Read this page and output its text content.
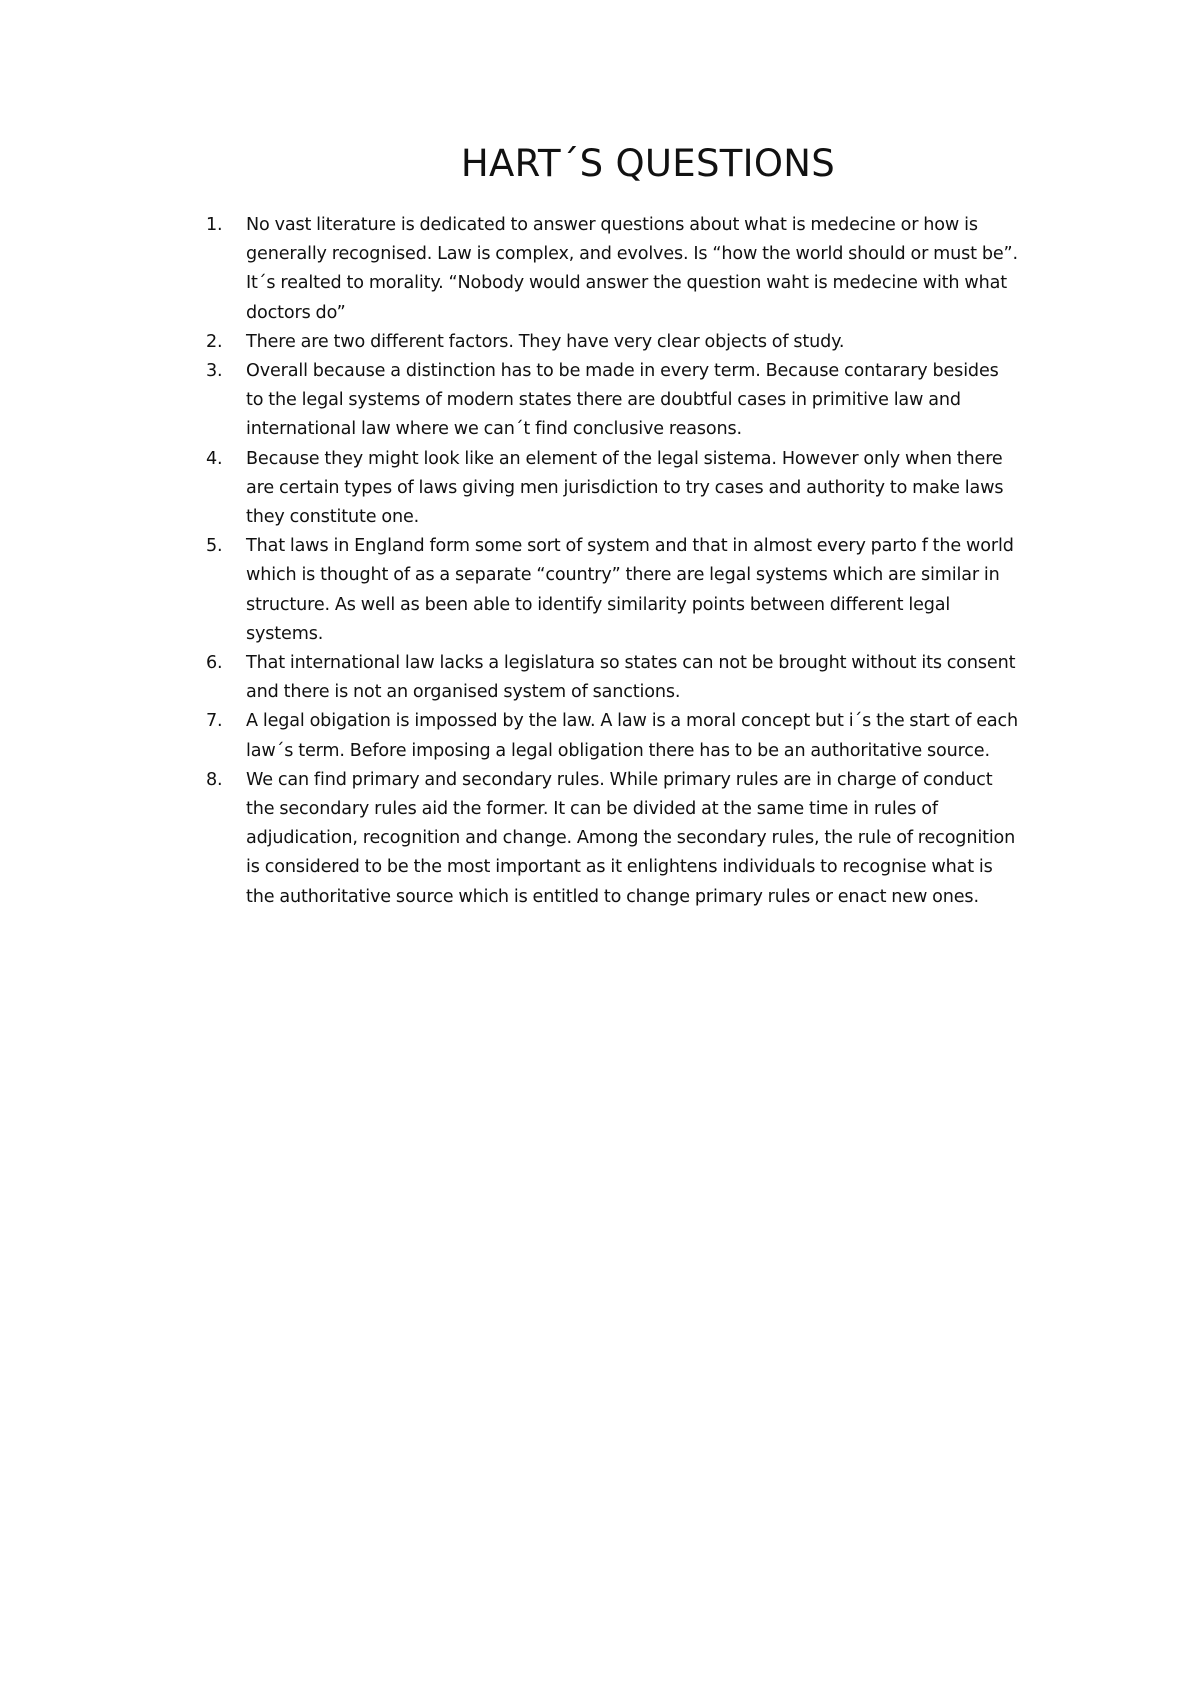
HART´S QUESTIONS
1.	No vast literature is dedicated to answer questions about what is medecine or how is generally recognised. Law is complex, and evolves. Is “how the world should or must be”. It´s realted to morality. “Nobody would answer the question waht is medecine with what doctors do”
2.	There are two different factors. They have very clear objects of study.
3.	Overall because a distinction has to be made in every term. Because contarary besides to the legal systems of modern states there are doubtful cases in primitive law and international law where we can´t find conclusive reasons.
4.	Because they might look like an element of the legal sistema. However only when there are certain types of laws giving men jurisdiction to try cases and authority to make laws they constitute one.
5.	That laws in England form some sort of system and that in almost every parto f the world which is thought of as a separate “country” there are legal systems which are similar in structure. As well as been able to identify similarity points between different legal systems.
6.	That international law lacks a legislatura so states can not be brought without its consent and there is not an organised system of sanctions.
7.	A legal obigation is impossed by the law. A law is a moral concept but i´s the start of each law´s term. Before imposing a legal obligation there has to be an authoritative source.
8.	We can find primary and secondary rules. While primary rules are in charge of conduct the secondary rules aid the former. It can be divided at the same time in rules of adjudication, recognition and change. Among the secondary rules, the rule of recognition is considered to be the most important as it enlightens individuals to recognise what is the authoritative source which is entitled to change primary rules or enact new ones.
